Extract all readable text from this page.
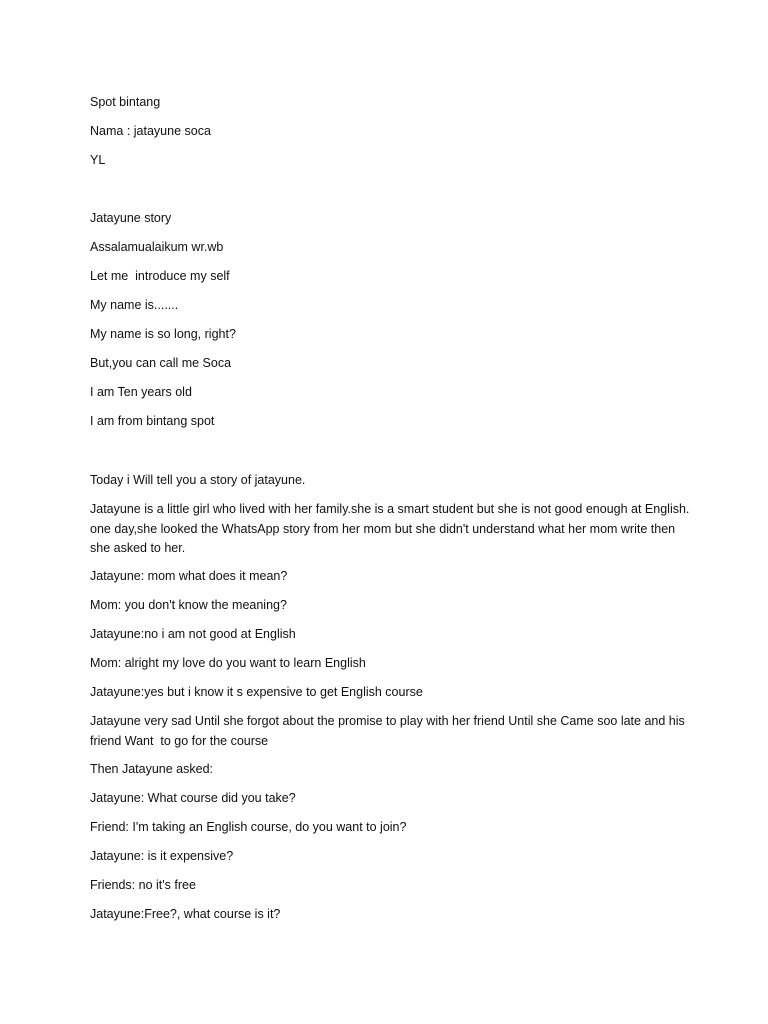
Spot bintang

Nama : jatayune soca

YL

Jatayune story

Assalamualaikum wr.wb

Let me  introduce my self

My name is.......

My name is so long, right?

But,you can call me Soca

I am Ten years old

I am from bintang spot

Today i Will tell you a story of jatayune.

Jatayune is a little girl who lived with her family.she is a smart student but she is not good enough at English. one day,she looked the WhatsApp story from her mom but she didn't understand what her mom write then she asked to her.

Jatayune: mom what does it mean?

Mom: you don't know the meaning?

Jatayune:no i am not good at English

Mom: alright my love do you want to learn English

Jatayune:yes but i know it s expensive to get English course

Jatayune very sad Until she forgot about the promise to play with her friend Until she Came soo late and his friend Want  to go for the course

Then Jatayune asked:

Jatayune: What course did you take?

Friend: I'm taking an English course, do you want to join?

Jatayune: is it expensive?

Friends: no it's free

Jatayune:Free?, what course is it?
